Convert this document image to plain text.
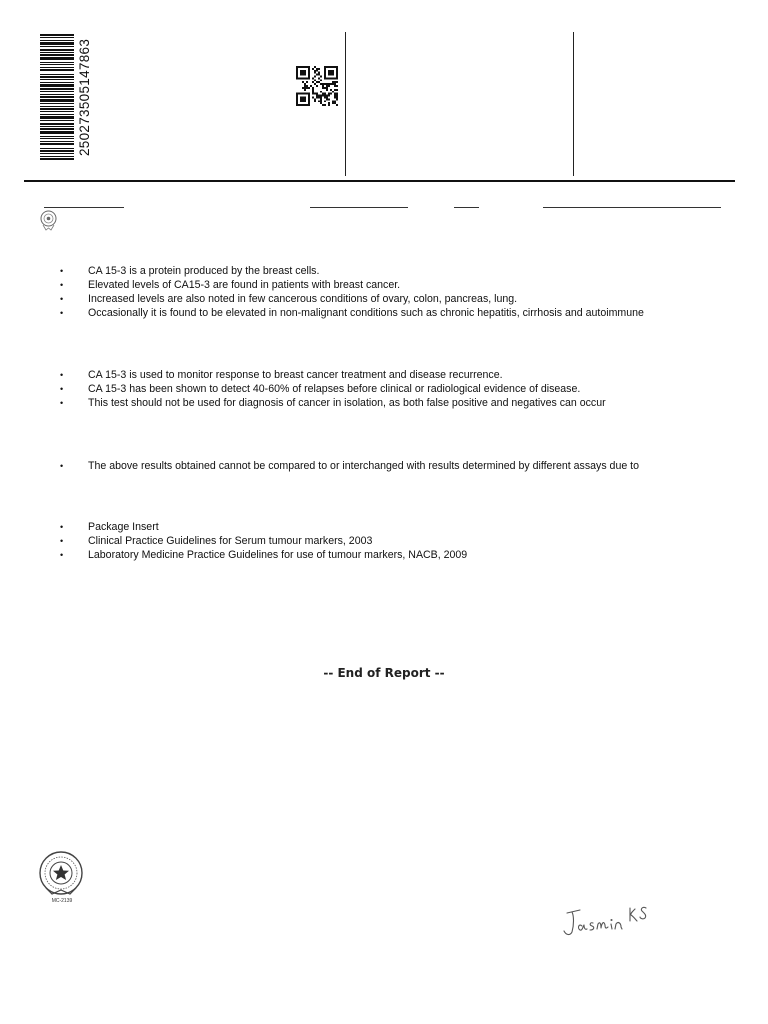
250273505147863
• CA 15-3 is a protein produced by the breast cells.
• Elevated levels of CA15-3 are found in patients with breast cancer.
• Increased levels are also noted in few cancerous conditions of ovary, colon, pancreas, lung.
• Occasionally it is found to be elevated in non-malignant conditions such as chronic hepatitis, cirrhosis and autoimmune
• CA 15-3 is used to monitor response to breast cancer treatment and disease recurrence.
• CA 15-3 has been shown to detect 40-60% of relapses before clinical or radiological evidence of disease.
• This test should not be used for diagnosis of cancer in isolation, as both false positive and negatives can occur
• The above results obtained cannot be compared to or interchanged with results determined by different assays due to
• Package Insert
• Clinical Practice Guidelines for Serum tumour markers, 2003
• Laboratory Medicine Practice Guidelines for use of tumour markers, NACB, 2009
-- End of Report --
MC-2139
